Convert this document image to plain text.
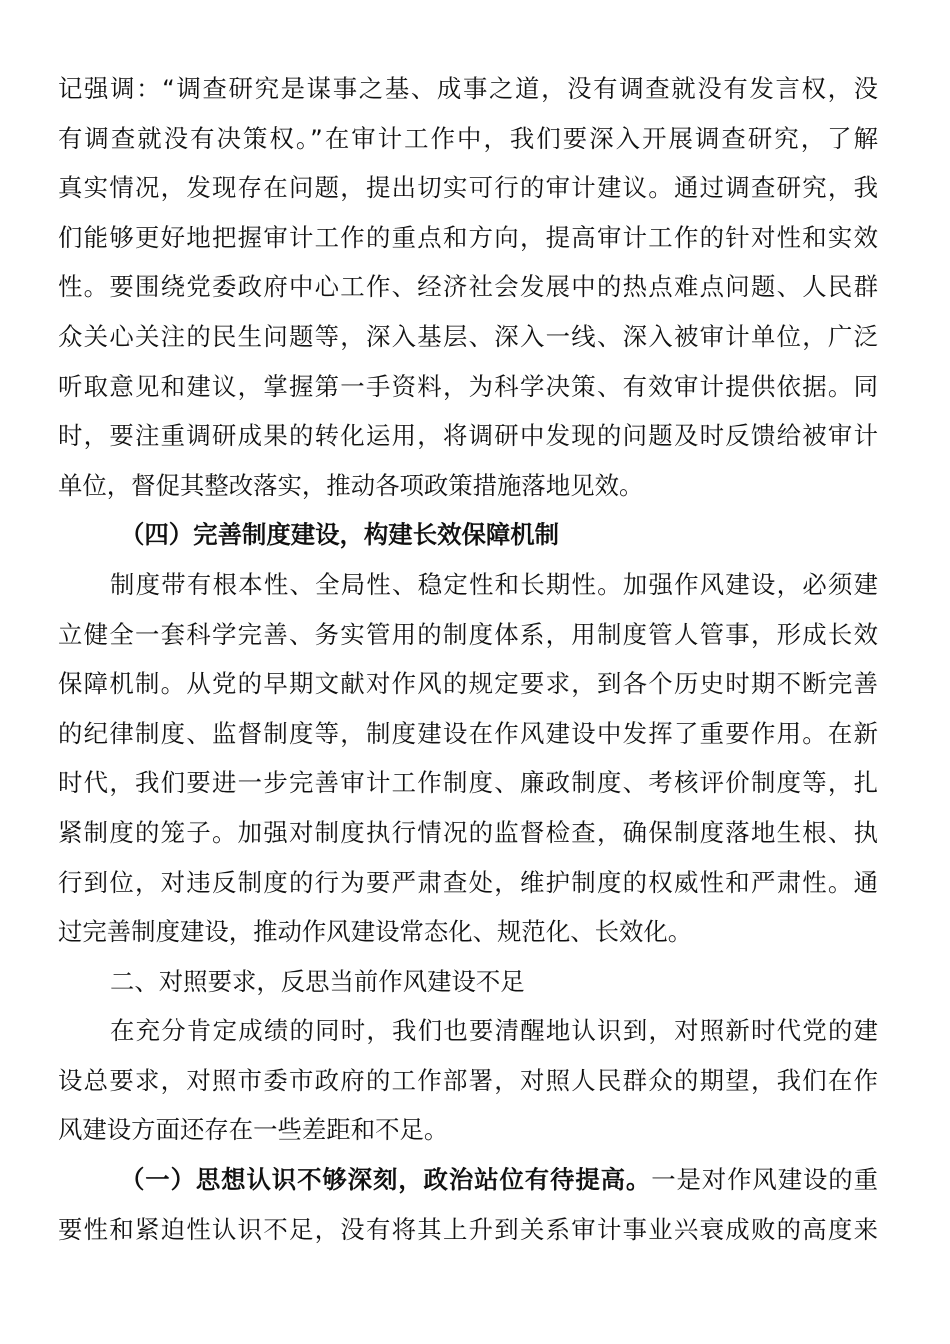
记强调：“调查研究是谋事之基、成事之道，没有调查就没有发言权，没
有调查就没有决策权。”在审计工作中，我们要深入开展调查研究，了解
真实情况，发现存在问题，提出切实可行的审计建议。通过调查研究，我
们能够更好地把握审计工作的重点和方向，提高审计工作的针对性和实效
性。要围绕党委政府中心工作、经济社会发展中的热点难点问题、人民群
众关心关注的民生问题等，深入基层、深入一线、深入被审计单位，广泛
听取意见和建议，掌握第一手资料，为科学决策、有效审计提供依据。同
时，要注重调研成果的转化运用，将调研中发现的问题及时反馈给被审计
单位，督促其整改落实，推动各项政策措施落地见效。
（四）完善制度建设，构建长效保障机制
制度带有根本性、全局性、稳定性和长期性。加强作风建设，必须建
立健全一套科学完善、务实管用的制度体系，用制度管人管事，形成长效
保障机制。从党的早期文献对作风的规定要求，到各个历史时期不断完善
的纪律制度、监督制度等，制度建设在作风建设中发挥了重要作用。在新
时代，我们要进一步完善审计工作制度、廉政制度、考核评价制度等，扎
紧制度的笼子。加强对制度执行情况的监督检查，确保制度落地生根、执
行到位，对违反制度的行为要严肃查处，维护制度的权威性和严肃性。通
过完善制度建设，推动作风建设常态化、规范化、长效化。
二、对照要求，反思当前作风建设不足
在充分肯定成绩的同时，我们也要清醒地认识到，对照新时代党的建
设总要求，对照市委市政府的工作部署，对照人民群众的期望，我们在作
风建设方面还存在一些差距和不足。
（一）思想认识不够深刻，政治站位有待提高。一是对作风建设的重
要性和紧迫性认识不足，没有将其上升到关系审计事业兴衰成败的高度来
